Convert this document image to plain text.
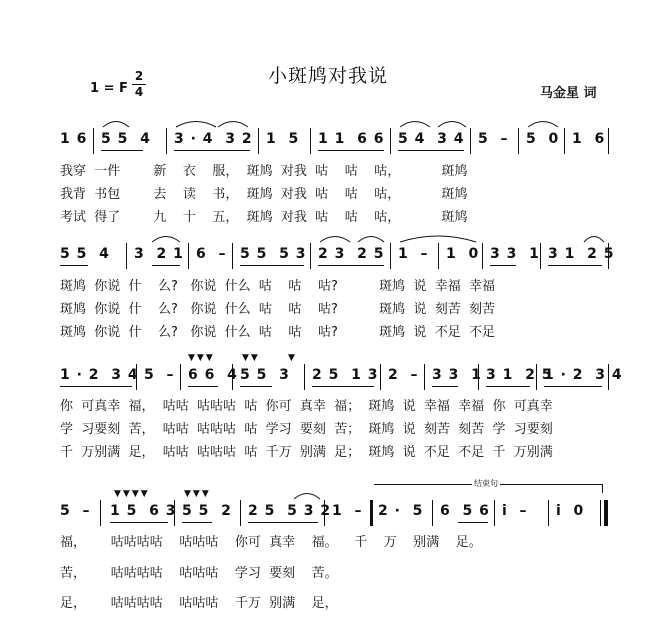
小斑鸠对我说
1 = F
2
4	马金星 词
1 6 5 5  4 3 · 4  3 2 1  5 1 1  6 6 5 4  3 4 5  – 5  0 1  6
我穿  一件        新    衣    服，  斑鸠  对我  咕    咕    咕，          斑鸠
我背  书包        去    读    书，  斑鸠  对我  咕    咕    咕，          斑鸠
考试  得了        九    十    五，  斑鸠  对我  咕    咕    咕，          斑鸠
5 5  4 3  2 1 6  – 5 5  5 3 2 3  2 5 1  – 1  0 3 3  1 3 1  2 5
斑鸠  你说  什    么?   你说  什么  咕    咕    咕?          斑鸠  说  幸福  幸福
斑鸠  你说  什    么?   你说  什么  咕    咕    咕?          斑鸠  说  刻苦  刻苦
斑鸠  你说  什    么?   你说  什么  咕    咕    咕?          斑鸠  说  不足  不足
1 · 2  3 4 5  – 6 6  4 5 5  3 2 5  1 3 2  – 3 3  1 3 1  2 5
1 · 2  3 4
▼▼▼	▼▼	▼
你  可真幸  福，  咕咕  咕咕咕  咕  你可  真幸  福；  斑鸠  说  幸福  幸福  你  可真幸
学  习要刻  苦，  咕咕  咕咕咕  咕  学习  要刻  苦；  斑鸠  说  刻苦  刻苦  学  习要刻
千  万别满  足，  咕咕  咕咕咕  咕  千万  别满  足；  斑鸠  说  不足  不足  千  万别满
结束句
5  – 1 5  6 3 5 5  2 2 5  5 3 2 1  – 2 ·  5 6  5 6 i  – i  0
▼▼▼▼	▼▼▼
福，      咕咕咕咕    咕咕咕    你可  真幸    福。    千    万    别满    足。
苦，      咕咕咕咕    咕咕咕    学习  要刻    苦。
足，      咕咕咕咕    咕咕咕    千万  别满    足，
